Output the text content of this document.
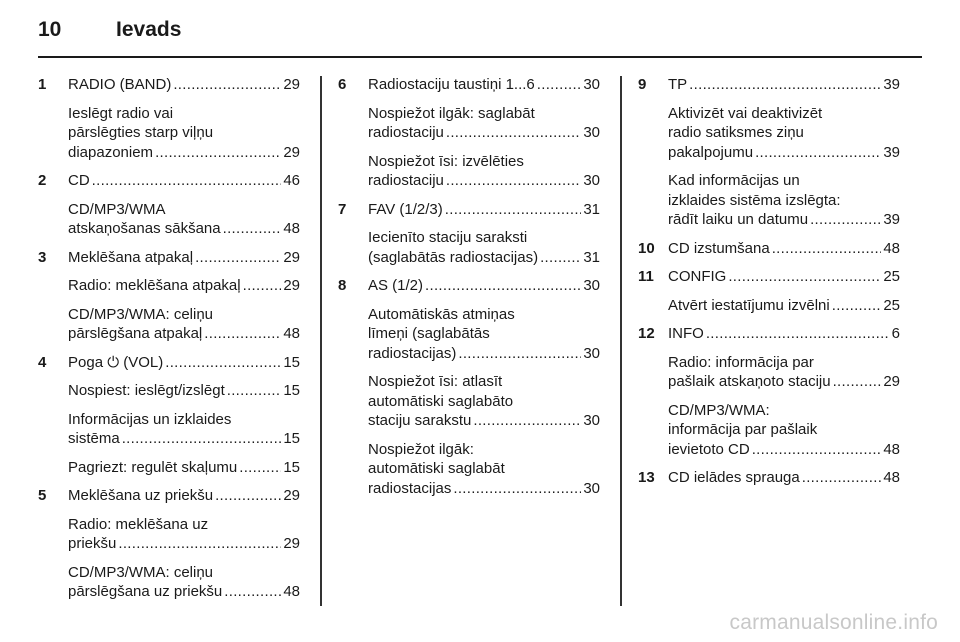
10	Ievads
1 RADIO (BAND) .....	29
Ieslēgt radio vai
pārslēgties starp viļņu
diapazoniem .....	29
2 CD .....	46
CD/MP3/WMA
atskaņošanas sākšana .....	48
3 Meklēšana atpakaļ .....	29
Radio: meklēšana atpakaļ .....	29
CD/MP3/WMA: celiņu
pārslēgšana atpakaļ .....	48
4 Poga ⏻ (VOL) .....	15
Nospiest: ieslēgt/izslēgt .....	15
Informācijas un izklaides
sistēma .....	15
Pagriezt: regulēt skaļumu .....	15
5 Meklēšana uz priekšu .....	29
Radio: meklēšana uz
priekšu .....	29
CD/MP3/WMA: celiņu
pārslēgšana uz priekšu .....	48
6 Radiostaciju taustiņi 1...6 .....	30
Nospiežot ilgāk: saglabāt
radiostaciju .....	30
Nospiežot īsi: izvēlēties
radiostaciju .....	30
7 FAV (1/2/3) .....	31
Iecienīto staciju saraksti
(saglabātās radiostacijas) .....	31
8 AS (1/2) .....	30
Automātiskās atmiņas
līmeņi (saglabātās
radiostacijas) .....	30
Nospiežot īsi: atlasīt
automātiski saglabāto
staciju sarakstu .....	30
Nospiežot ilgāk:
automātiski saglabāt
radiostacijas .....	30
9 TP .....	39
Aktivizēt vai deaktivizēt
radio satiksmes ziņu
pakalpojumu .....	39
Kad informācijas un
izklaides sistēma izslēgta:
rādīt laiku un datumu .....	39
10 CD izstumšana .....	48
11 CONFIG .....	25
Atvērt iestatījumu izvēlni .....	25
12 INFO .....	6
Radio: informācija par
pašlaik atskaņoto staciju .....	29
CD/MP3/WMA:
informācija par pašlaik
ievietoto CD .....	48
13 CD ielādes sprauga .....	48
carmanualsonline.info
